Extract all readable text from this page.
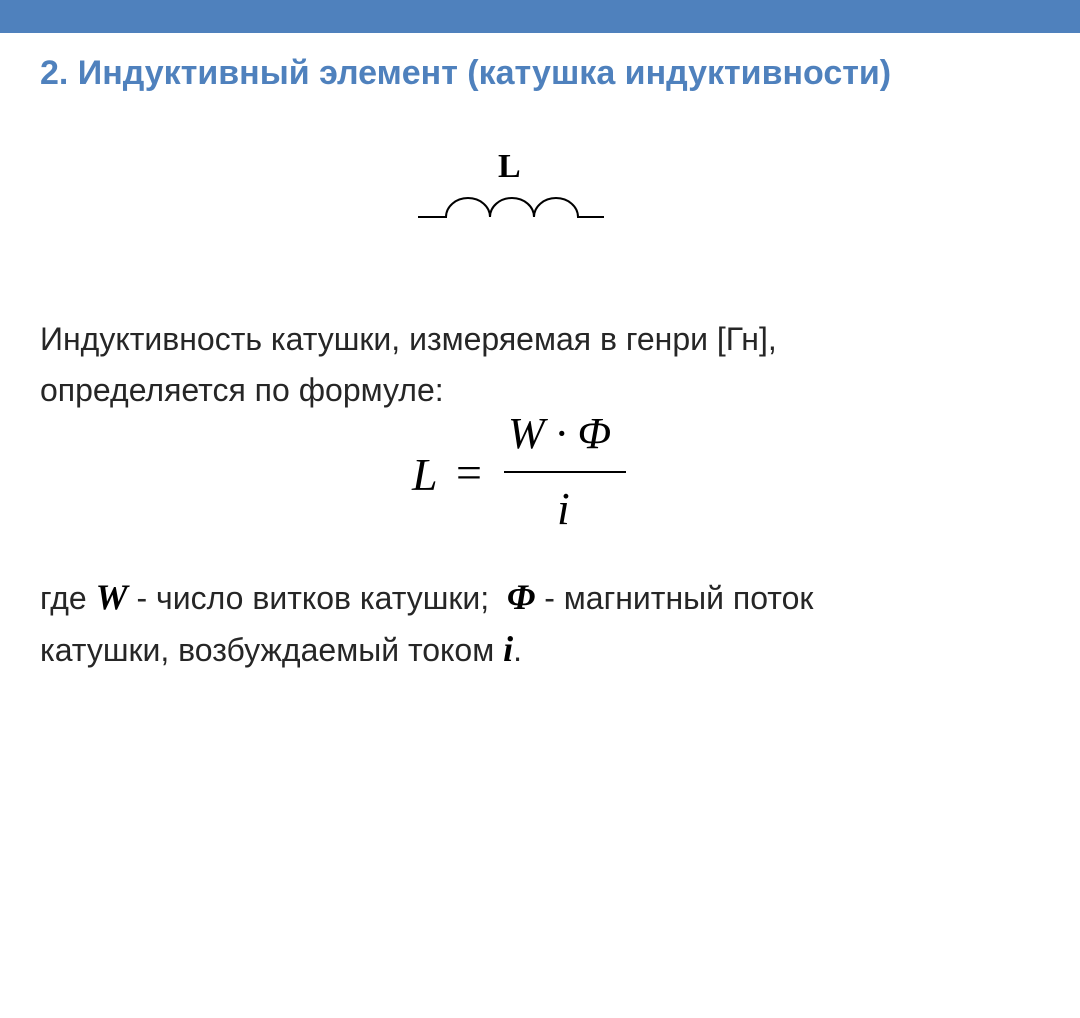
2. Индуктивный элемент (катушка индуктивности)
L
Индуктивность катушки, измеряемая в генри [Гн],
определяется по формуле:
L =
W · Φ
i
где W - число витков катушки;  Φ - магнитный поток
катушки, возбуждаемый током i.
